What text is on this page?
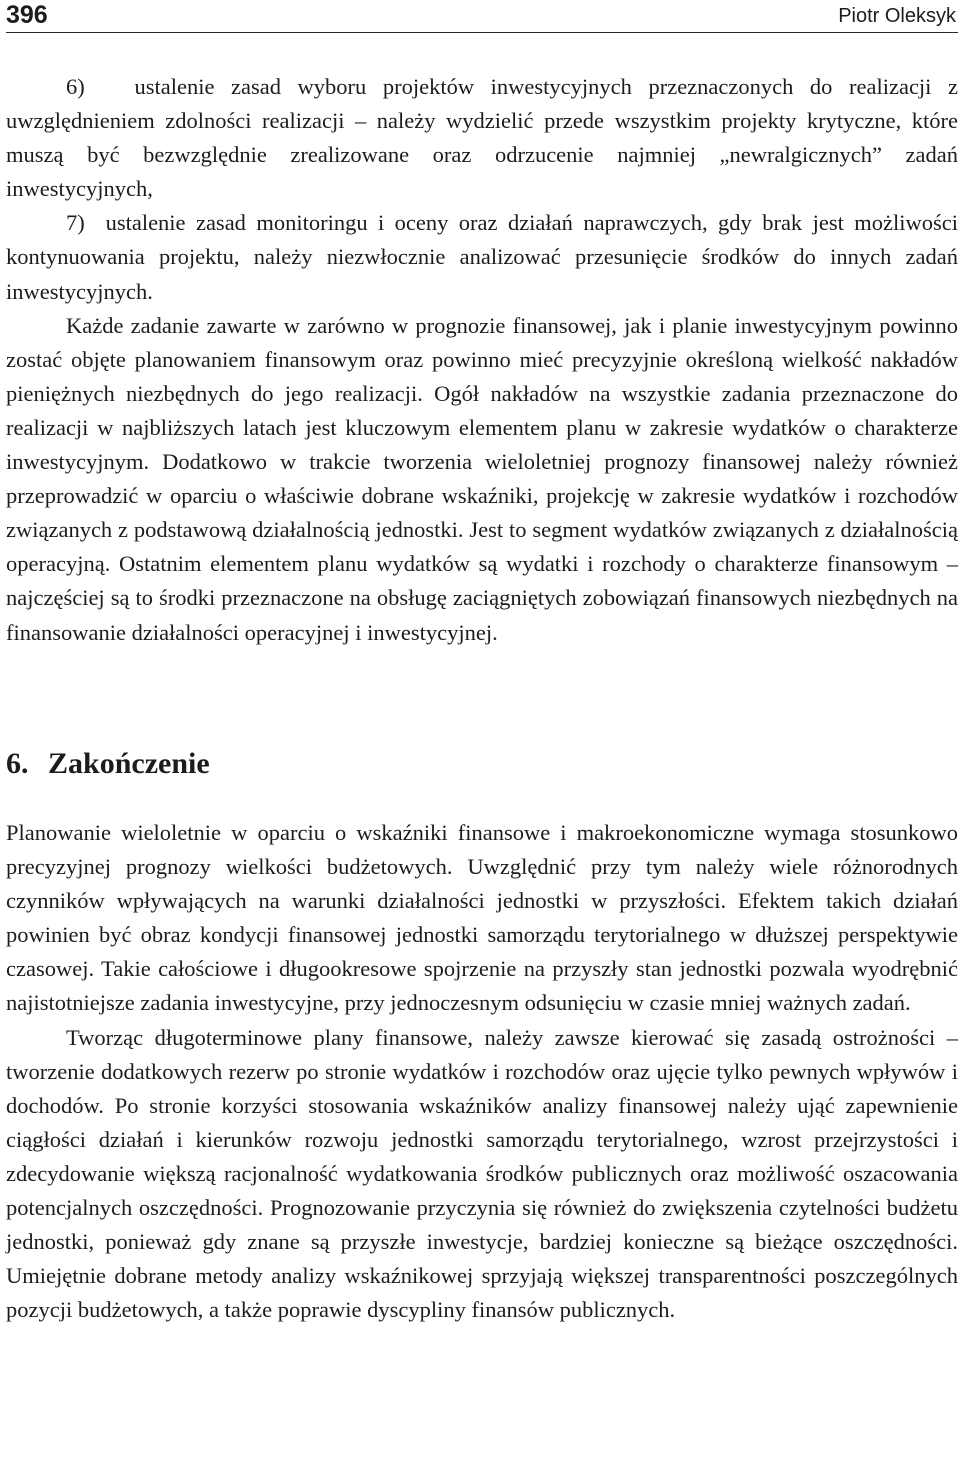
396	Piotr Oleksyk

6)   ustalenie zasad wyboru projektów inwestycyjnych przeznaczonych do realizacji z uwzględnieniem zdolności realizacji – należy wydzielić przede wszystkim projekty krytyczne, które muszą być bezwzględnie zrealizowane oraz odrzucenie najmniej „newralgicznych” zadań inwestycyjnych,

7)  ustalenie zasad monitoringu i oceny oraz działań naprawczych, gdy brak jest możliwości kontynuowania projektu, należy niezwłocznie analizować przesunięcie środków do innych zadań inwestycyjnych.

Każde zadanie zawarte w zarówno w prognozie finansowej, jak i planie inwestycyjnym powinno zostać objęte planowaniem finansowym oraz powinno mieć precyzyjnie określoną wielkość nakładów pieniężnych niezbędnych do jego realizacji. Ogół nakładów na wszystkie zadania przeznaczone do realizacji w najbliższych latach jest kluczowym elementem planu w zakresie wydatków o charakterze inwestycyjnym. Dodatkowo w trakcie tworzenia wieloletniej prognozy finansowej należy również przeprowadzić w oparciu o właściwie dobrane wskaźniki, projekcję w zakresie wydatków i rozchodów związanych z podstawową działalnością jednostki. Jest to segment wydatków związanych z działalnością operacyjną. Ostatnim elementem planu wydatków są wydatki i rozchody o charakterze finansowym – najczęściej są to środki przeznaczone na obsługę zaciągniętych zobowiązań finansowych niezbędnych na finansowanie działalności operacyjnej i inwestycyjnej.

6. Zakończenie

Planowanie wieloletnie w oparciu o wskaźniki finansowe i makroekonomiczne wymaga stosunkowo precyzyjnej prognozy wielkości budżetowych. Uwzględnić przy tym należy wiele różnorodnych czynników wpływających na warunki działalności jednostki w przyszłości. Efektem takich działań powinien być obraz kondycji finansowej jednostki samorządu terytorialnego w dłuższej perspektywie czasowej. Takie całościowe i długookresowe spojrzenie na przyszły stan jednostki pozwala wyodrębnić najistotniejsze zadania inwestycyjne, przy jednoczesnym odsunięciu w czasie mniej ważnych zadań.

Tworząc długoterminowe plany finansowe, należy zawsze kierować się zasadą ostrożności – tworzenie dodatkowych rezerw po stronie wydatków i rozchodów oraz ujęcie tylko pewnych wpływów i dochodów. Po stronie korzyści stosowania wskaźników analizy finansowej należy ująć zapewnienie ciągłości działań i kierunków rozwoju jednostki samorządu terytorialnego, wzrost przejrzystości i zdecydowanie większą racjonalność wydatkowania środków publicznych oraz możliwość oszacowania potencjalnych oszczędności. Prognozowanie przyczynia się również do zwiększenia czytelności budżetu jednostki, ponieważ gdy znane są przyszłe inwestycje, bardziej konieczne są bieżące oszczędności. Umiejętnie dobrane metody analizy wskaźnikowej sprzyjają większej transparentności poszczególnych pozycji budżetowych, a także poprawie dyscypliny finansów publicznych.
